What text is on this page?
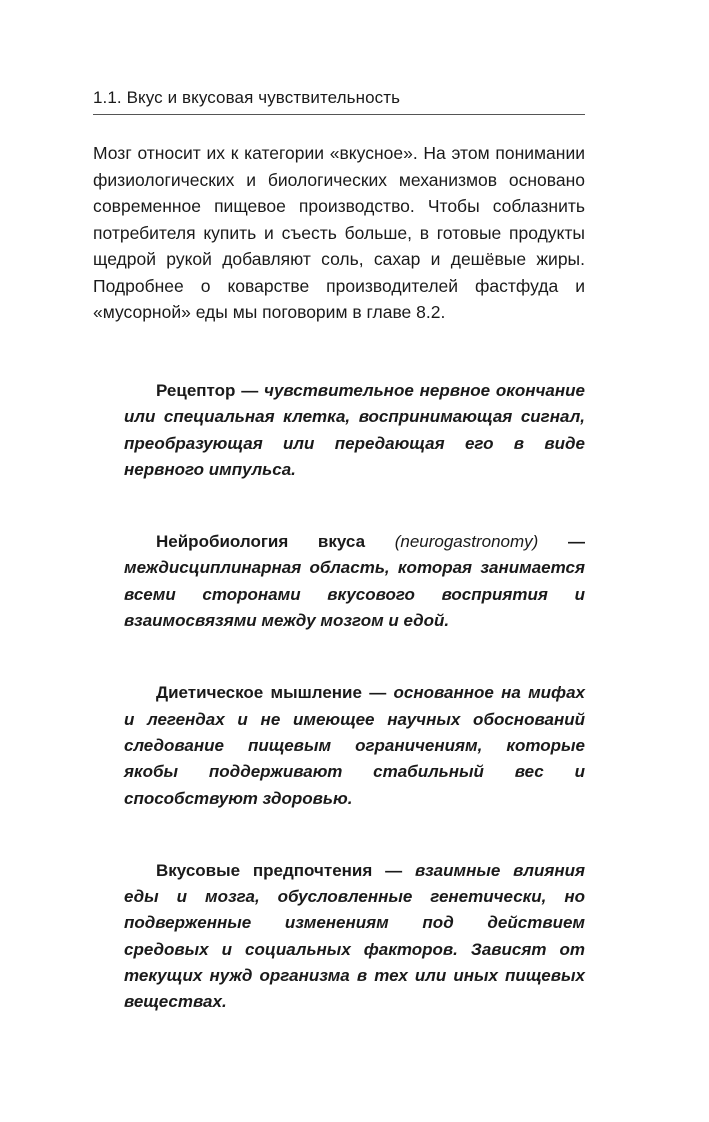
1.1. Вкус и вкусовая чувствительность

Мозг относит их к категории «вкусное». На этом понимании физиологических и биологических механизмов основано современное пищевое производство. Чтобы соблазнить потребителя купить и съесть больше, в готовые продукты щедрой рукой добавляют соль, сахар и дешёвые жиры. Подробнее о коварстве производителей фастфуда и «мусорной» еды мы поговорим в главе 8.2.

Рецептор — чувствительное нервное окончание или специальная клетка, воспринимающая сигнал, преобразующая или передающая его в виде нервного импульса.

Нейробиология вкуса (neurogastronomy) — междисциплинарная область, которая занимается всеми сторонами вкусового восприятия и взаимосвязями между мозгом и едой.

Диетическое мышление — основанное на мифах и легендах и не имеющее научных обоснований следование пищевым ограничениям, которые якобы поддерживают стабильный вес и способствуют здоровью.

Вкусовые предпочтения — взаимные влияния еды и мозга, обусловленные генетически, но подверженные изменениям под действием средовых и социальных факторов. Зависят от текущих нужд организма в тех или иных пищевых веществах.
